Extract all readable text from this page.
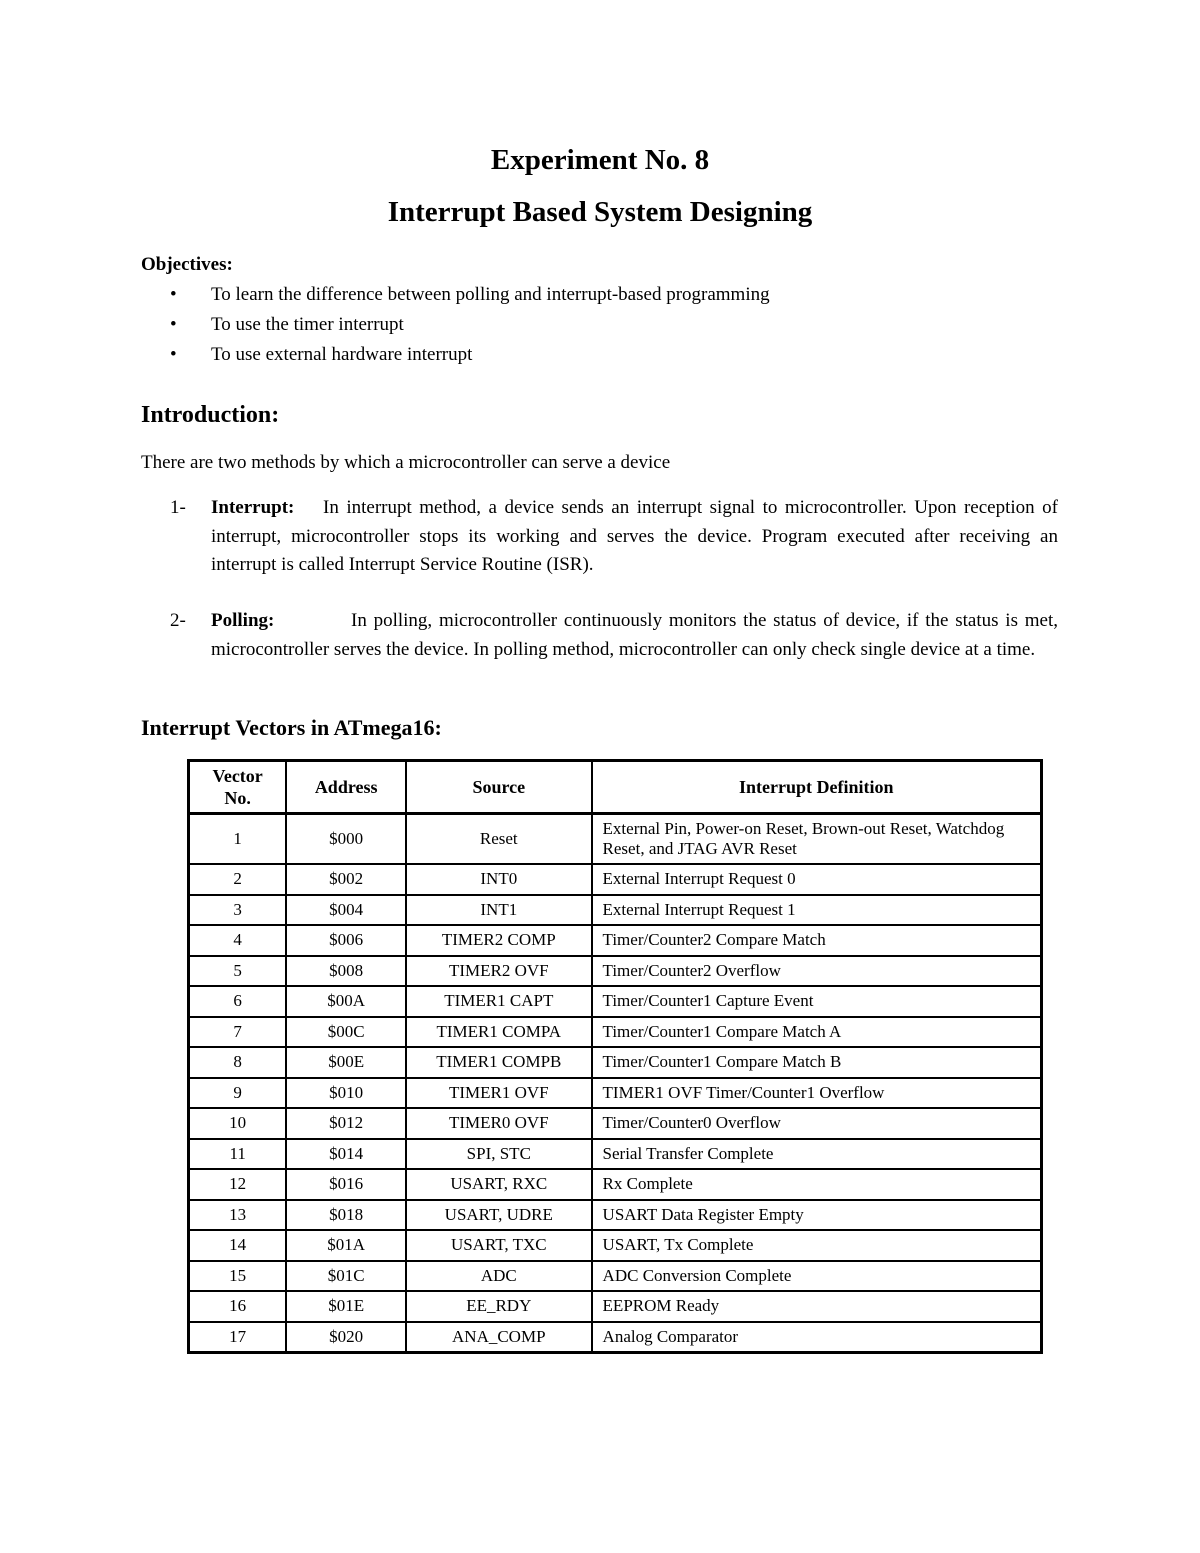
Experiment No. 8
Interrupt Based System Designing

Objectives:

• To learn the difference between polling and interrupt-based programming
• To use the timer interrupt
• To use external hardware interrupt
Introduction:

There are two methods by which a microcontroller can serve a device

1- Interrupt: In interrupt method, a device sends an interrupt signal to microcontroller. Upon reception of interrupt, microcontroller stops its working and serves the device. Program executed after receiving an interrupt is called Interrupt Service Routine (ISR).
2- Polling:	In polling, microcontroller continuously monitors the status of device, if the status is met, microcontroller serves the device. In polling method, microcontroller can only check single device at a time.
Interrupt Vectors in ATmega16:
Vector No.	Address	Source	Interrupt Definition
1	$000	Reset	External Pin, Power-on Reset, Brown-out Reset, Watchdog Reset, and JTAG AVR Reset
2	$002	INT0	External Interrupt Request 0
3	$004	INT1	External Interrupt Request 1
4	$006	TIMER2 COMP	Timer/Counter2 Compare Match
5	$008	TIMER2 OVF	Timer/Counter2 Overflow
6	$00A	TIMER1 CAPT	Timer/Counter1 Capture Event
7	$00C	TIMER1 COMPA	Timer/Counter1 Compare Match A
8	$00E	TIMER1 COMPB	Timer/Counter1 Compare Match B
9	$010	TIMER1 OVF	TIMER1 OVF Timer/Counter1 Overflow
10	$012	TIMER0 OVF	Timer/Counter0 Overflow
11	$014	SPI, STC	Serial Transfer Complete
12	$016	USART, RXC	Rx Complete
13	$018	USART, UDRE	USART Data Register Empty
14	$01A	USART, TXC	USART, Tx Complete
15	$01C	ADC	ADC Conversion Complete
16	$01E	EE_RDY	EEPROM Ready
17	$020	ANA_COMP	Analog Comparator
